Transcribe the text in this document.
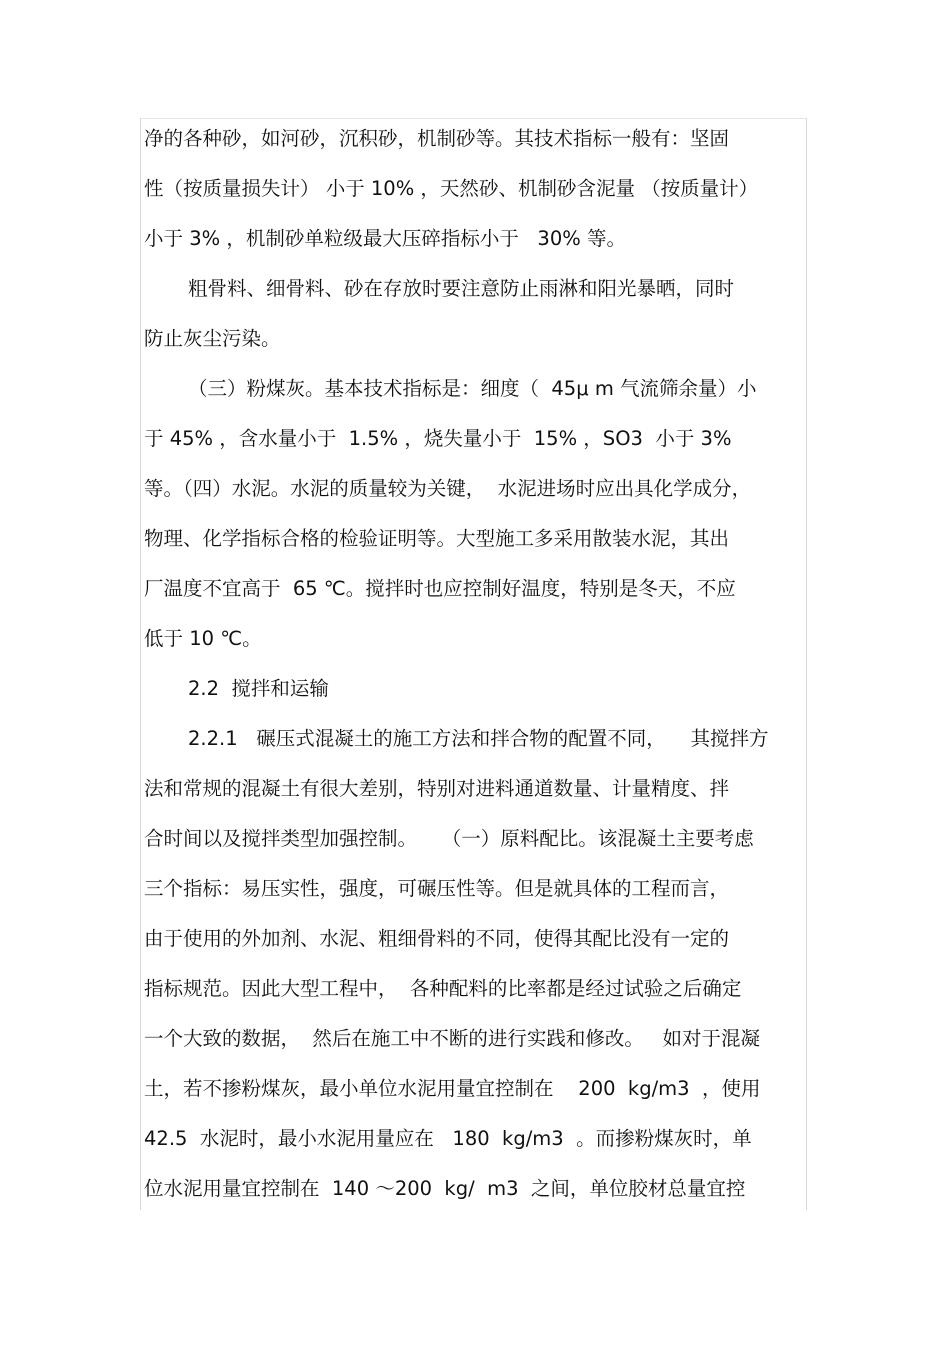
净的各种砂，如河砂，沉积砂，机制砂等。其技术指标一般有：坚固
性（按质量损失计） 小于 10% ，天然砂、机制砂含泥量 （按质量计）
小于 3% ，机制砂单粒级最大压碎指标小于   30% 等。
粗骨料、细骨料、砂在存放时要注意防止雨淋和阳光暴晒，同时
防止灰尘污染。
（三）粉煤灰。基本技术指标是：细度（  45μ m 气流筛余量）小
于 45% ，含水量小于  1.5% ，烧失量小于  15% ，SO3  小于 3%
等。（四）水泥。水泥的质量较为关键，  水泥进场时应出具化学成分，
物理、化学指标合格的检验证明等。大型施工多采用散装水泥，其出
厂温度不宜高于  65 ℃。搅拌时也应控制好温度，特别是冬天，不应
低于 10 ℃。
2.2  搅拌和运输
2.2.1   碾压式混凝土的施工方法和拌合物的配置不同，    其搅拌方
法和常规的混凝土有很大差别，特别对进料通道数量、计量精度、拌
合时间以及搅拌类型加强控制。    （一）原料配比。该混凝土主要考虑
三个指标：易压实性，强度，可碾压性等。但是就具体的工程而言，
由于使用的外加剂、水泥、粗细骨料的不同，使得其配比没有一定的
指标规范。因此大型工程中，  各种配料的比率都是经过试验之后确定
一个大致的数据，  然后在施工中不断的进行实践和修改。   如对于混凝
土，若不掺粉煤灰，最小单位水泥用量宜控制在    200  kg/m3  ，使用
42.5  水泥时，最小水泥用量应在   180  kg/m3  。而掺粉煤灰时，单
位水泥用量宜控制在  140 ～200  kg/  m3  之间，单位胶材总量宜控
